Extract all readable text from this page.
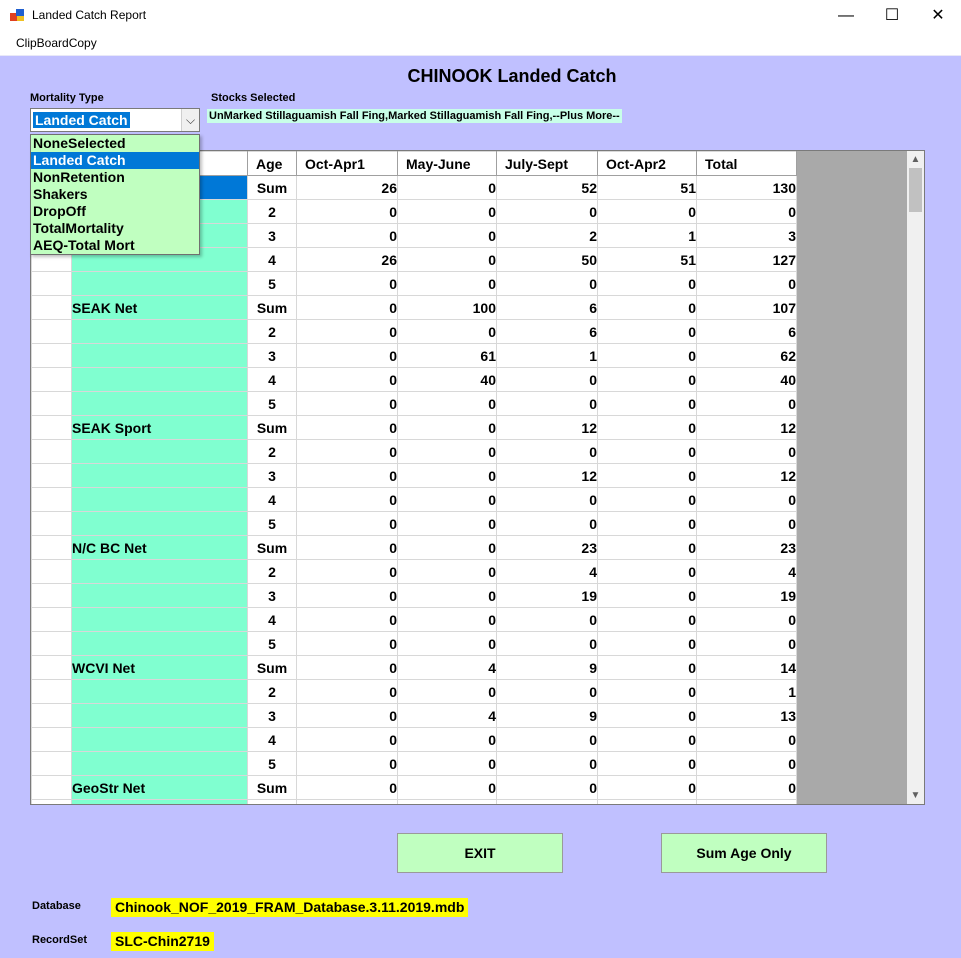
Landed Catch Report	—	☐	✕
ClipBoardCopy
CHINOOK Landed Catch
Mortality Type	Stocks Selected
Landed Catch	⌵	UnMarked Stillaguamish Fall Fing,Marked Stillaguamish Fall Fing,--Plus More--
		Age	Oct-Apr1	May-June	July-Sept	Oct-Apr2	Total
		Sum	26	0	52	51	130
		2	0	0	0	0	0
		3	0	0	2	1	3
		4	26	0	50	51	127
		5	0	0	0	0	0
	SEAK Net	Sum	0	100	6	0	107
		2	0	0	6	0	6
		3	0	61	1	0	62
		4	0	40	0	0	40
		5	0	0	0	0	0
	SEAK Sport	Sum	0	0	12	0	12
		2	0	0	0	0	0
		3	0	0	12	0	12
		4	0	0	0	0	0
		5	0	0	0	0	0
	N/C BC Net	Sum	0	0	23	0	23
		2	0	0	4	0	4
		3	0	0	19	0	19
		4	0	0	0	0	0
		5	0	0	0	0	0
	WCVI Net	Sum	0	4	9	0	14
		2	0	0	0	0	1
		3	0	4	9	0	13
		4	0	0	0	0	0
		5	0	0	0	0	0
	GeoStr Net	Sum	0	0	0	0	0

▲
▼
NoneSelected
Landed Catch
NonRetention
Shakers
DropOff
TotalMortality
AEQ-Total Mort
EXIT	Sum Age Only
Database Chinook_NOF_2019_FRAM_Database.3.11.2019.mdb
RecordSet SLC-Chin2719
